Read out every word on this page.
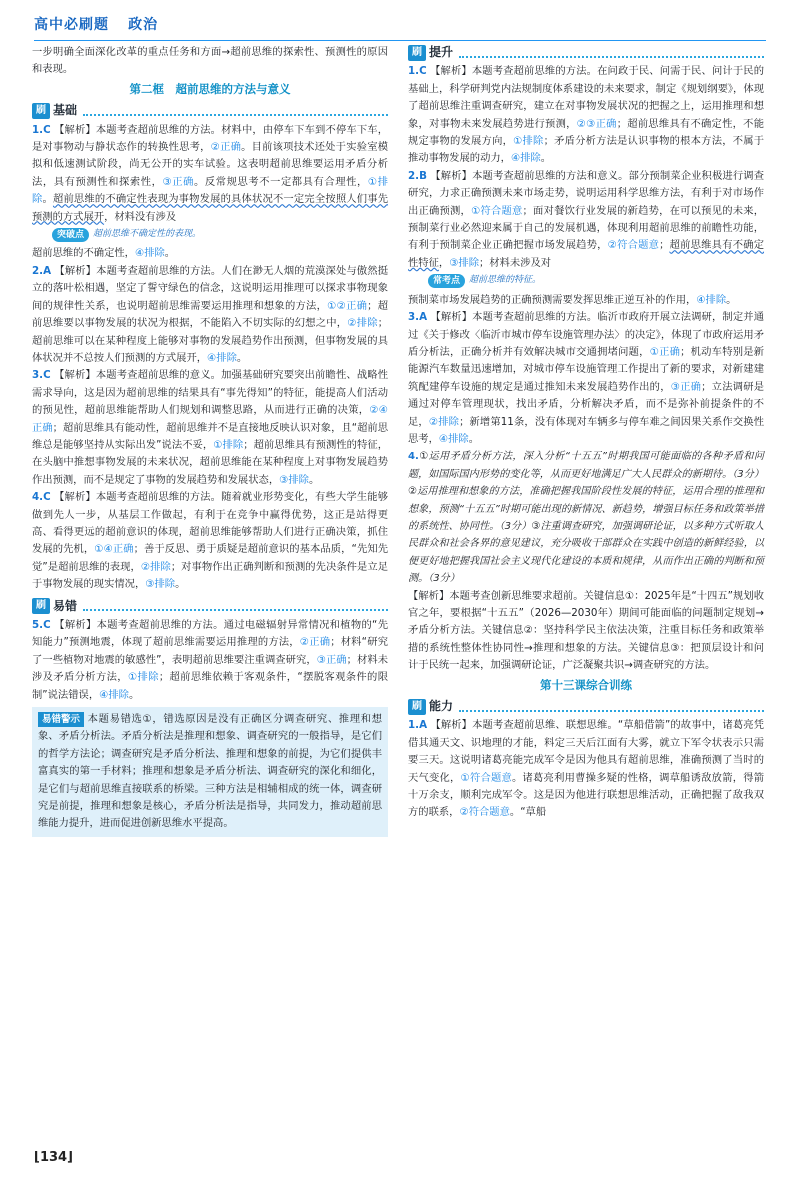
高中必刷题 政治

一步明确全面深化改革的重点任务和方面→超前思维的探索性、预测性的原因和表现。

第二框　超前思维的方法与意义
刷 基础

1.C 【解析】本题考查超前思维的方法。材料中，由停车下车到不停车下车，是对事物动与静状态作的转换性思考，②正确。目前该项技术还处于实验室模拟和低速测试阶段，尚无公开的实车试验。这表明超前思维要运用矛盾分析法，具有预测性和探索性，③正确。反常规思考不一定都具有合理性，①排除。超前思维的不确定性表现为事物发展的具体状况不一定完全按照人们事先预测的方式展开，材料没有涉及

突破点	超前思维不确定性的表现。

超前思维的不确定性，④排除。

2.A 【解析】本题考查超前思维的方法。人们在渺无人烟的荒漠深处与傲然挺立的落叶松相遇，坚定了誓守绿色的信念，这说明运用推理可以探求事物现象间的规律性关系，也说明超前思维需要运用推理和想象的方法，①②正确；超前思维要以事物发展的状况为根据，不能陷入不切实际的幻想之中，②排除；超前思维可以在某种程度上能够对事物的发展趋势作出预测，但事物发展的具体状况并不总按人们预测的方式展开，④排除。

3.C 【解析】本题考查超前思维的意义。加强基础研究要突出前瞻性、战略性需求导向，这是因为超前思维的结果具有“事先得知”的特征，能提高人们活动的预见性，超前思维能帮助人们规划和调整思路，从而进行正确的决策，②④正确；超前思维具有能动性，超前思维并不是直接地反映认识对象，且“超前思维总是能够坚持从实际出发”说法不妥，①排除；超前思维具有预测性的特征，在头脑中推想事物发展的未来状况，超前思维能在某种程度上对事物发展趋势作出预测，而不是规定了事物的发展趋势和发展状态，③排除。

4.C 【解析】本题考查超前思维的方法。随着就业形势变化，有些大学生能够做到先人一步，从基层工作做起，有利于在竞争中赢得优势，这正是站得更高、看得更远的超前意识的体现，超前思维能够帮助人们进行正确决策，抓住发展的先机，①④正确；善于反思、勇于质疑是超前意识的基本品质，“先知先觉”是超前思维的表现，②排除；对事物作出正确判断和预测的先决条件是立足于事物发展的现实情况，③排除。

刷 易错

5.C 【解析】本题考查超前思维的方法。通过电磁辐射异常情况和植物的“先知能力”预测地震，体现了超前思维需要运用推理的方法，②正确；材料“研究了一些植物对地震的敏感性”，表明超前思维要注重调查研究，③正确；材料未涉及矛盾分析方法，①排除；超前思维依赖于客观条件，“摆脱客观条件的限制”说法错误，④排除。

易错警示 本题易错选①，错选原因是没有正确区分调查研究、推理和想象、矛盾分析法。矛盾分析法是推理和想象、调查研究的一般指导，是它们的哲学方法论；调查研究是矛盾分析法、推理和想象的前提，为它们提供丰富真实的第一手材料；推理和想象是矛盾分析法、调查研究的深化和细化，是它们与超前思维直接联系的桥梁。三种方法是相辅相成的统一体，调查研究是前提，推理和想象是核心，矛盾分析法是指导，共同发力，推动超前思维能力提升，进而促进创新思维水平提高。

刷 提升

1.C 【解析】本题考查超前思维的方法。在问政于民、问需于民、问计于民的基础上，科学研判党内法规制度体系建设的未来要求，制定《规划纲要》，体现了超前思维注重调查研究，建立在对事物发展状况的把握之上，运用推理和想象，对事物未来发展趋势进行预测，②③正确；超前思维具有不确定性，不能规定事物的发展方向，①排除；矛盾分析方法是认识事物的根本方法，不属于推动事物发展的动力，④排除。

2.B 【解析】本题考查超前思维的方法和意义。部分预制菜企业积极进行调查研究，力求正确预测未来市场走势，说明运用科学思维方法，有利于对市场作出正确预测，①符合题意；面对餐饮行业发展的新趋势，在可以预见的未来，预制菜行业必然迎来属于自己的发展机遇，体现利用超前思维的前瞻性功能，有利于预制菜企业正确把握市场发展趋势，②符合题意；超前思维具有不确定性特征，③排除；材料未涉及对

常考点	超前思维的特征。

预制菜市场发展趋势的正确预测需要发挥思维正逆互补的作用，④排除。

3.A 【解析】本题考查超前思维的方法。临沂市政府开展立法调研，制定并通过《关于修改〈临沂市城市停车设施管理办法〉的决定》，体现了市政府运用矛盾分析法，正确分析并有效解决城市交通拥堵问题，①正确；机动车特别是新能源汽车数量迅速增加，对城市停车设施管理工作提出了新的要求，对新建建筑配建停车设施的规定是通过推知未来发展趋势作出的，③正确；立法调研是通过对停车管理现状，找出矛盾，分析解决矛盾，而不是弥补前提条件的不足，②排除；新增第11条，没有体现对车辆多与停车难之间因果关系作交换性思考，④排除。

4.①运用矛盾分析方法，深入分析“十五五”时期我国可能面临的各种矛盾和问题，如国际国内形势的变化等，从而更好地满足广大人民群众的新期待。（3分）②运用推理和想象的方法，准确把握我国阶段性发展的特征，运用合理的推理和想象，预测“十五五”时期可能出现的新情况、新趋势，增强目标任务和政策举措的系统性、协同性。（3分）③注重调查研究，加强调研论证，以多种方式听取人民群众和社会各界的意见建议，充分吸收干部群众在实践中创造的新鲜经验，以便更好地把握我国社会主义现代化建设的本质和规律，从而作出正确的判断和预测。（3分）

【解析】本题考查创新思维要求超前。关键信息①：2025年是“十四五”规划收官之年，要根据“十五五”（2026—2030年）期间可能面临的问题制定规划→矛盾分析方法。关键信息②：坚持科学民主依法决策，注重目标任务和政策举措的系统性整体性协同性→推理和想象的方法。关键信息③：把顶层设计和问计于民统一起来，加强调研论证，广泛凝聚共识→调查研究的方法。

第十三课综合训练
刷 能力

1.A 【解析】本题考查超前思维、联想思维。“草船借箭”的故事中，诸葛亮凭借其通天文、识地理的才能，料定三天后江面有大雾，就立下军令状表示只需要三天。这说明诸葛亮能完成军令是因为他具有超前思维，准确预测了当时的天气变化，①符合题意。诸葛亮利用曹操多疑的性格，调草船诱敌放箭，得箭十万余支，顺利完成军令。这是因为他进行联想思维活动，正确把握了敌我双方的联系，②符合题意。“草船

⌊134⌋
